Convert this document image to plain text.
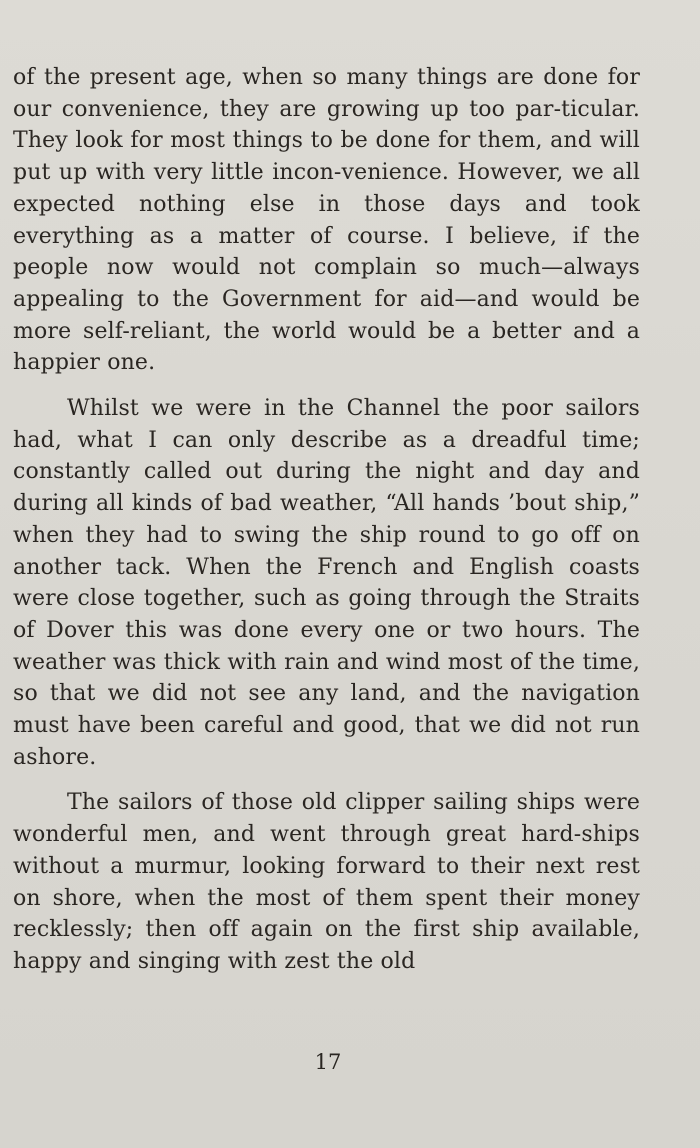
of the present age, when so many things are done for our convenience, they are growing up too par-ticular. They look for most things to be done for them, and will put up with very little incon-venience. However, we all expected nothing else in those days and took everything as a matter of course. I believe, if the people now would not complain so much—always appealing to the Government for aid—and would be more self-reliant, the world would be a better and a happier one.

Whilst we were in the Channel the poor sailors had, what I can only describe as a dreadful time; constantly called out during the night and day and during all kinds of bad weather, “All hands ’bout ship,” when they had to swing the ship round to go off on another tack. When the French and English coasts were close together, such as going through the Straits of Dover this was done every one or two hours. The weather was thick with rain and wind most of the time, so that we did not see any land, and the navigation must have been careful and good, that we did not run ashore.

The sailors of those old clipper sailing ships were wonderful men, and went through great hard-ships without a murmur, looking forward to their next rest on shore, when the most of them spent their money recklessly; then off again on the first ship available, happy and singing with zest the old

17
